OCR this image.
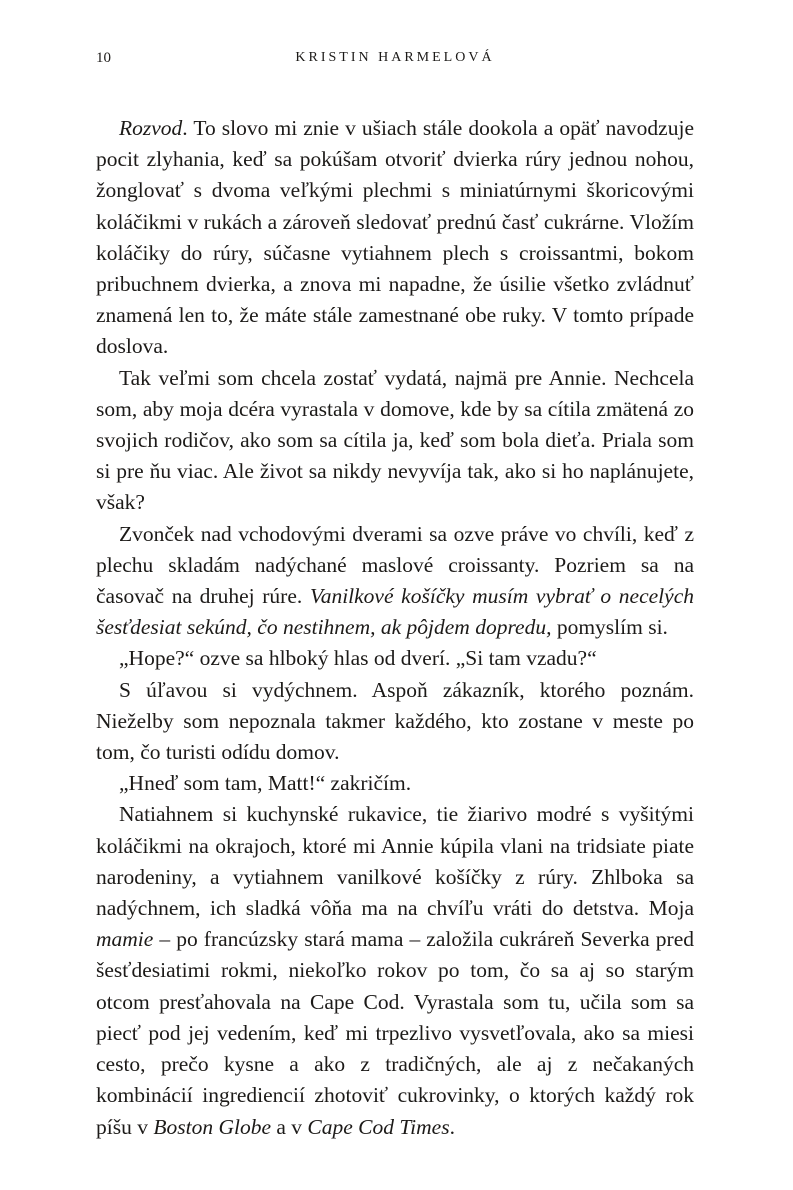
10	KRISTIN HARMELOVÁ

Rozvod. To slovo mi znie v ušiach stále dookola a opäť navodzuje pocit zlyhania, keď sa pokúšam otvoriť dvierka rúry jednou nohou, žonglovať s dvoma veľkými plechmi s miniatúrnymi škoricovými koláčikmi v rukách a zároveň sledovať prednú časť cukrárne. Vložím koláčiky do rúry, súčasne vytiahnem plech s croissantmi, bokom pribuchnem dvierka, a znova mi napadne, že úsilie všetko zvládnuť znamená len to, že máte stále zamestnané obe ruky. V tomto prípade doslova.

Tak veľmi som chcela zostať vydatá, najmä pre Annie. Nechcela som, aby moja dcéra vyrastala v domove, kde by sa cítila zmätená zo svojich rodičov, ako som sa cítila ja, keď som bola dieťa. Priala som si pre ňu viac. Ale život sa nikdy nevyvíja tak, ako si ho naplánujete, však?

Zvonček nad vchodovými dverami sa ozve práve vo chvíli, keď z plechu skladám nadýchané maslové croissanty. Pozriem sa na časovač na druhej rúre. Vanilkové košíčky musím vybrať o necelých šesťdesiat sekúnd, čo nestihnem, ak pôjdem dopredu, pomyslím si.

„Hope?“ ozve sa hlboký hlas od dverí. „Si tam vzadu?“

S úľavou si vydýchnem. Aspoň zákazník, ktorého poznám. Nieželby som nepoznala takmer každého, kto zostane v meste po tom, čo turisti odídu domov.

„Hneď som tam, Matt!“ zakričím.

Natiahnem si kuchynské rukavice, tie žiarivo modré s vyšitými koláčikmi na okrajoch, ktoré mi Annie kúpila vlani na tridsiate piate narodeniny, a vytiahnem vanilkové košíčky z rúry. Zhlboka sa nadýchnem, ich sladká vôňa ma na chvíľu vráti do detstva. Moja mamie – po francúzsky stará mama – založila cukráreň Severka pred šesťdesiatimi rokmi, niekoľko rokov po tom, čo sa aj so starým otcom presťahovala na Cape Cod. Vyrastala som tu, učila som sa piecť pod jej vedením, keď mi trpezlivo vysvetľovala, ako sa miesi cesto, prečo kysne a ako z tradičných, ale aj z nečakaných kombinácií ingrediencií zhotoviť cukrovinky, o ktorých každý rok píšu v Boston Globe a v Cape Cod Times.
